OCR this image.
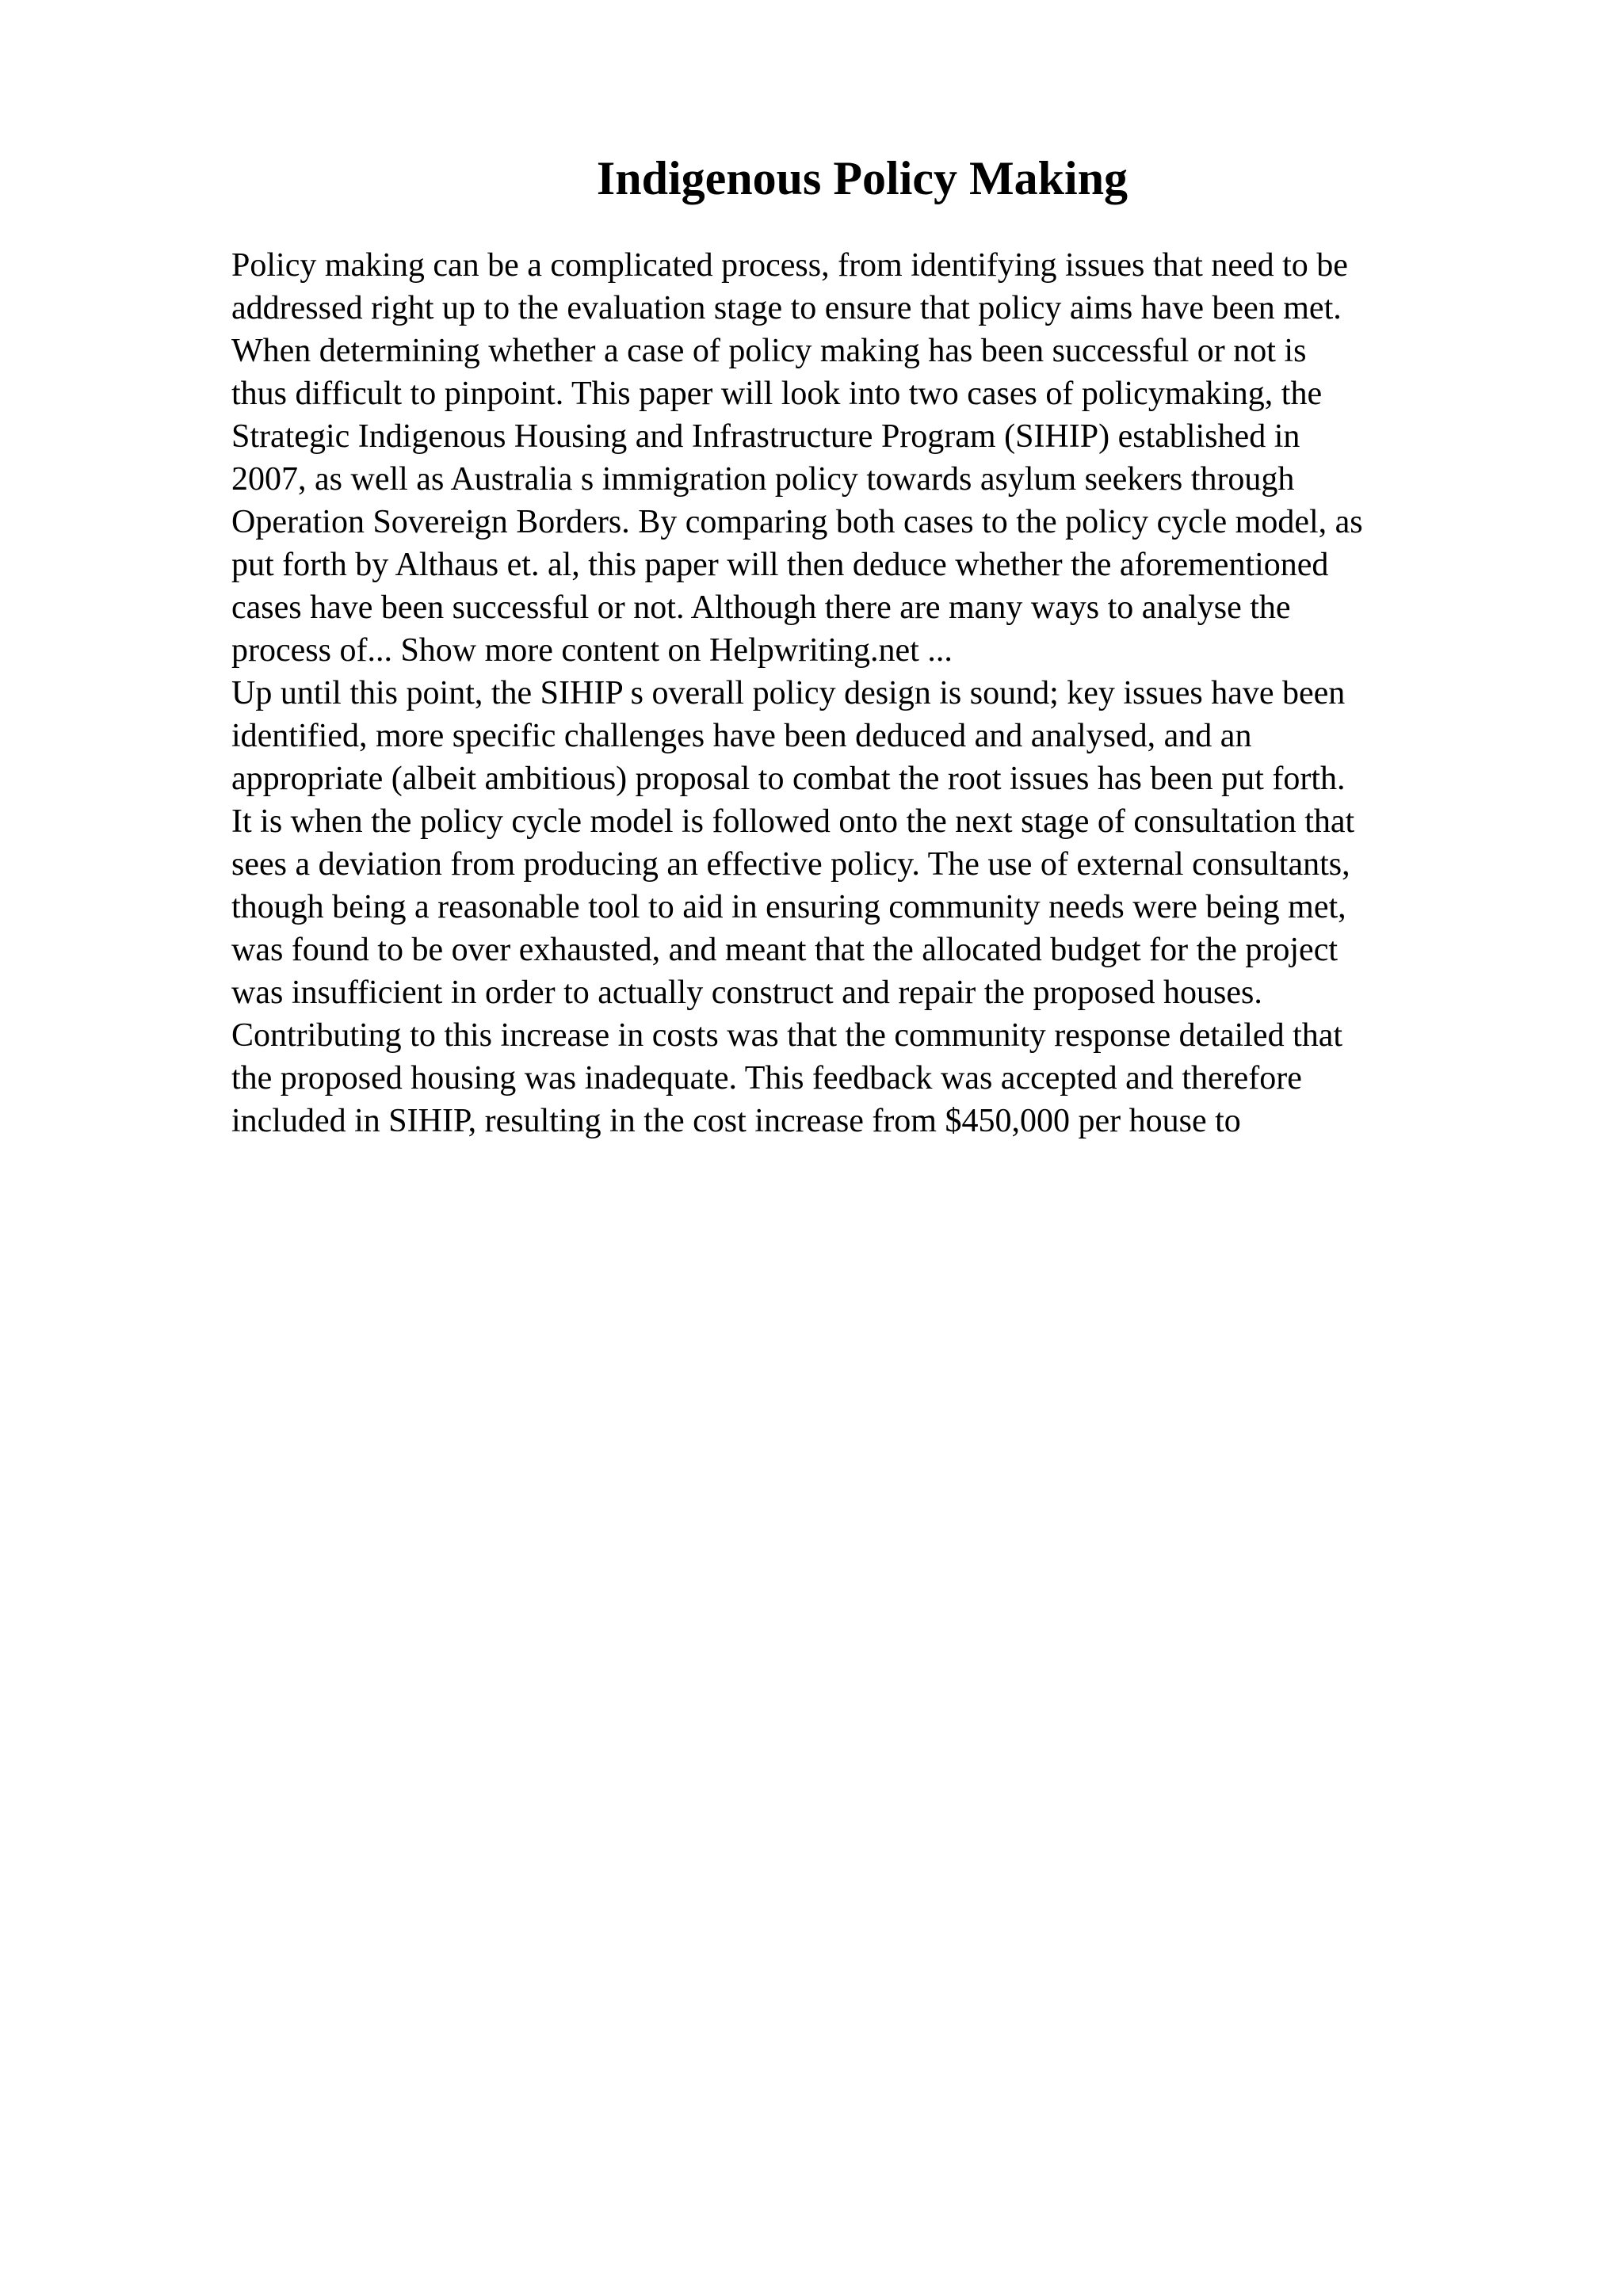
Indigenous Policy Making
Policy making can be a complicated process, from identifying issues that need to be
addressed right up to the evaluation stage to ensure that policy aims have been met.
When determining whether a case of policy making has been successful or not is
thus difficult to pinpoint. This paper will look into two cases of policymaking, the
Strategic Indigenous Housing and Infrastructure Program (SIHIP) established in
2007, as well as Australia s immigration policy towards asylum seekers through
Operation Sovereign Borders. By comparing both cases to the policy cycle model, as
put forth by Althaus et. al, this paper will then deduce whether the aforementioned
cases have been successful or not. Although there are many ways to analyse the
process of... Show more content on Helpwriting.net ...
Up until this point, the SIHIP s overall policy design is sound; key issues have been
identified, more specific challenges have been deduced and analysed, and an
appropriate (albeit ambitious) proposal to combat the root issues has been put forth.
It is when the policy cycle model is followed onto the next stage of consultation that
sees a deviation from producing an effective policy. The use of external consultants,
though being a reasonable tool to aid in ensuring community needs were being met,
was found to be over exhausted, and meant that the allocated budget for the project
was insufficient in order to actually construct and repair the proposed houses.
Contributing to this increase in costs was that the community response detailed that
the proposed housing was inadequate. This feedback was accepted and therefore
included in SIHIP, resulting in the cost increase from $450,000 per house to
